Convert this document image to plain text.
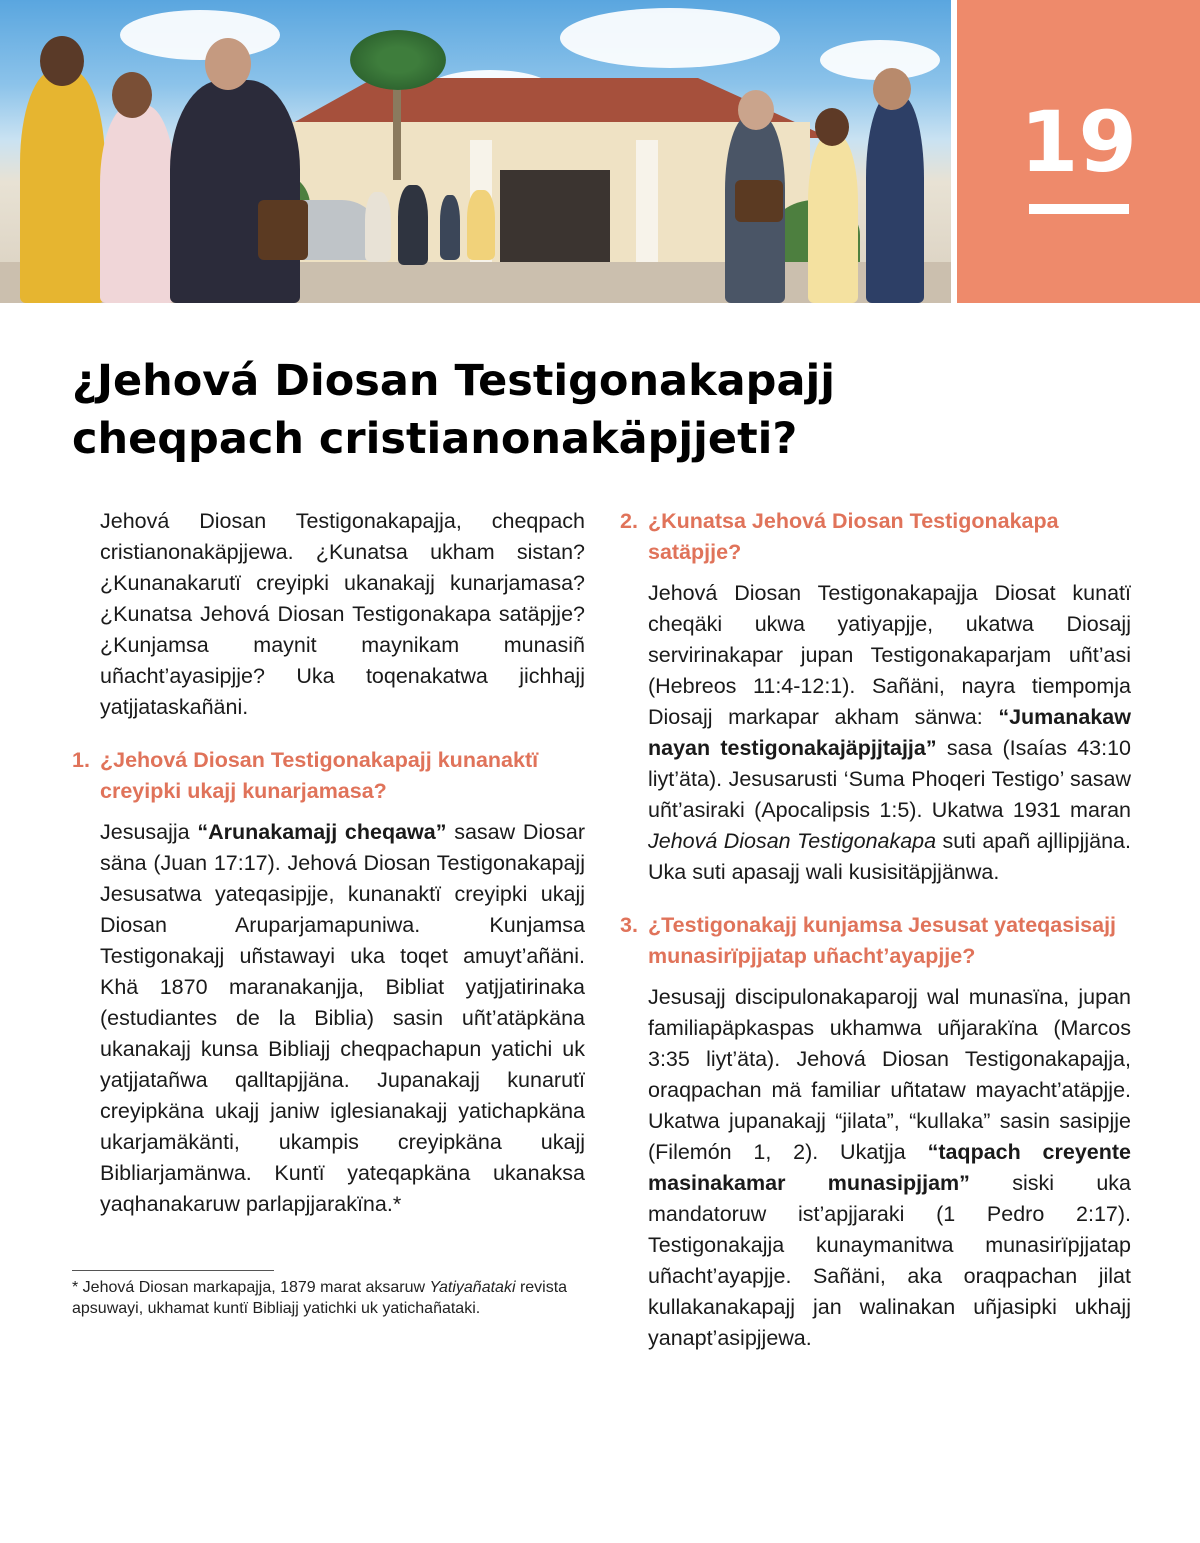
19
¿Jehová Diosan Testigonakapajj
cheqpach cristianonakäpjjeti?

Jehová Diosan Testigonakapajja, cheqpach cristianonakäpjjewa. ¿Kunatsa ukham sistan? ¿Kunanakarutï creyipki ukanakajj kunarjamasa? ¿Kunatsa Jehová Diosan Testigonakapa satäpjje? ¿Kunjamsa maynit maynikam munasiñ uñacht’ayasipjje? Uka toqenakatwa jichhajj yatjjataskañäni.

1. ¿Jehová Diosan Testigonakapajj kunanaktï creyipki ukajj kunarjamasa?

Jesusajja “Arunakamajj cheqawa” sasaw Diosar säna (Juan 17:17). Jehová Diosan Testigonakapajj Jesusatwa yateqasipjje, kunanaktï creyipki ukajj Diosan Aruparjamapuniwa. Kunjamsa Testigonakajj uñstawayi uka toqet amuyt’añäni. Khä 1870 maranakanjja, Bibliat yatjjatirinaka (estudiantes de la Biblia) sasin uñt’atäpkäna ukanakajj kunsa Bibliajj cheqpachapun yatichi uk yatjjatañwa qalltapjjäna. Jupanakajj kunarutï creyipkäna ukajj janiw iglesianakajj yatichapkäna ukarjamäkänti, ukampis creyipkäna ukajj Bibliarjamänwa. Kuntï yateqapkäna ukanaksa yaqhanakaruw parlapjjarakïna.*

* Jehová Diosan markapajja, 1879 marat aksaruw Yatiyañataki revista apsuwayi, ukhamat kuntï Bibliajj yatichki uk yatichañataki.

2. ¿Kunatsa Jehová Diosan Testigonakapa satäpjje?

Jehová Diosan Testigonakapajja Diosat kunatï cheqäki ukwa yatiyapjje, ukatwa Diosajj servirinakapar jupan Testigonakaparjam uñt’asi (Hebreos 11:4-12:1). Sañäni, nayra tiempomja Diosajj markapar akham sänwa: “Jumanakaw nayan testigonakajäpjjtajja” sasa (Isaías 43:10 liyt’äta). Jesusarusti ‘Suma Phoqeri Testigo’ sasaw uñt’asiraki (Apocalipsis 1:5). Ukatwa 1931 maran Jehová Diosan Testigonakapa suti apañ ajllipjjäna. Uka suti apasajj wali kusisitäpjjänwa.

3. ¿Testigonakajj kunjamsa Jesusat yateqasisajj munasirïpjjatap uñacht’ayapjje?

Jesusajj discipulonakaparojj wal munasïna, jupan familiapäpkaspas ukhamwa uñjarakïna (Marcos 3:35 liyt’äta). Jehová Diosan Testigonakapajja, oraqpachan mä familiar uñtataw mayacht’atäpjje. Ukatwa jupanakajj “jilata”, “kullaka” sasin sasipjje (Filemón 1, 2). Ukatjja “taqpach creyente masinakamar munasipjjam” siski uka mandatoruw ist’apjjaraki (1 Pedro 2:17). Testigonakajja kunaymanitwa munasirïpjjatap uñacht’ayapjje. Sañäni, aka oraqpachan jilat kullakanakapajj jan walinakan uñjasipki ukhajj yanapt’asipjjewa.
